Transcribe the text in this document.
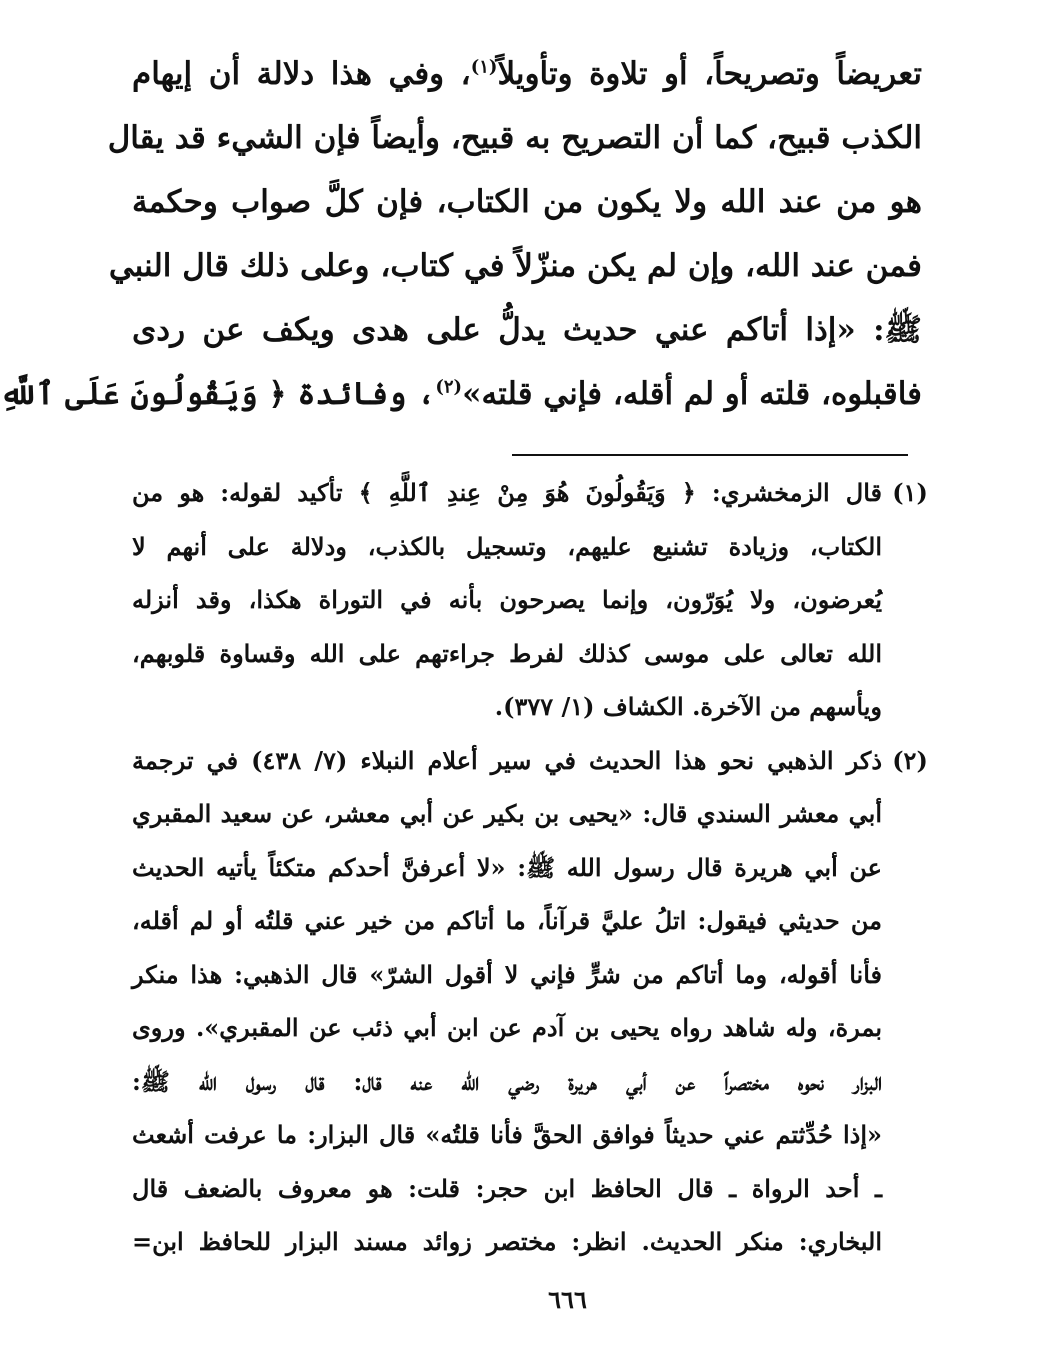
تعريضاً وتصريحاً، أو تلاوة وتأويلاً$^{(١)}$، وفي هذا دلالة أن إيهام
الكذب قبيح، كما أن التصريح به قبيح، وأيضاً فإن الشيء قد يقال
هو من عند الله ولا يكون من الكتاب، فإن كلَّ صواب وحكمة
فمن عند الله، وإن لم يكن منزّلاً في كتاب، وعلى ذلك قال النبي
ﷺ: «إذا أتاكم عني حديث يدلُّ على هدى ويكف عن ردى
فاقبلوه، قلته أو لم أقله، فإني قلته»$^{(٢)}$، وفائدة ﴿ وَيَقُولُونَ عَلَى ٱللَّهِ
(١)
قال الزمخشري: ﴿ وَيَقُولُونَ هُوَ مِنْ عِندِ ٱللَّهِ ﴾ تأكيد لقوله: هو من
الكتاب، وزيادة تشنيع عليهم، وتسجيل بالكذب، ودلالة على أنهم لا
يُعرضون، ولا يُوَرّون، وإنما يصرحون بأنه في التوراة هكذا، وقد أنزله
الله تعالى على موسى كذلك لفرط جراءتهم على الله وقساوة قلوبهم،
ويأسهم من الآخرة. الكشاف (١/ ٣٧٧).
(٢)
ذكر الذهبي نحو هذا الحديث في سير أعلام النبلاء (٧/ ٤٣٨) في ترجمة
أبي معشر السندي قال: «يحيى بن بكير عن أبي معشر، عن سعيد المقبري
عن أبي هريرة قال رسول الله ﷺ: «لا أعرفنَّ أحدكم متكئاً يأتيه الحديث
من حديثي فيقول: اتلُ عليَّ قرآناً، ما أتاكم من خير عني قلتُه أو لم أقله،
فأنا أقوله، وما أتاكم من شرٍّ فإني لا أقول الشرّ» قال الذهبي: هذا منكر
بمرة، وله شاهد رواه يحيى بن آدم عن ابن أبي ذئب عن المقبري». وروى
البزار نحوه مختصراً عن أبي هريرة رضي الله عنه قال: قال رسول الله ﷺ:
«إذا حُدِّثتم عني حديثاً فوافق الحقَّ فأنا قلتُه» قال البزار: ما عرفت أشعث
ـ أحد الرواة ـ قال الحافظ ابن حجر: قلت: هو معروف بالضعف قال
البخاري: منكر الحديث. انظر: مختصر زوائد مسند البزار للحافظ ابن=
٦٦٦
